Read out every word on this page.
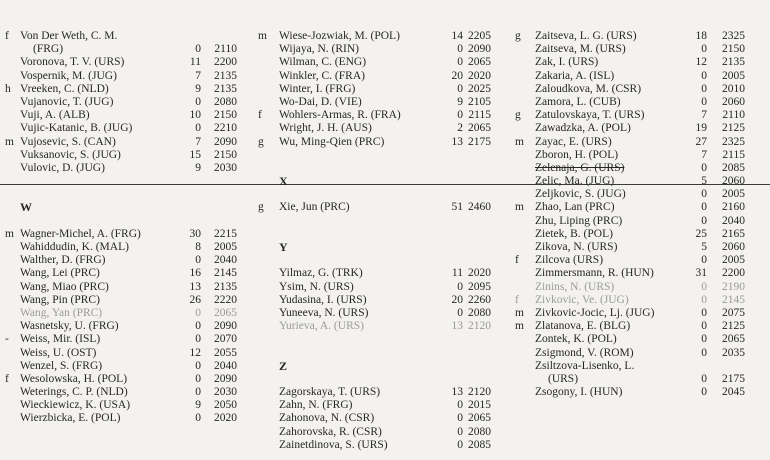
f Von Der Weth, C. M.
(FRG)	0	2110
Voronova, T. V. (URS)	11	2200
Vospernik, M. (JUG)	7	2135
h Vreeken, C. (NLD)	9	2135
Vujanovic, T. (JUG)	0	2080
Vuji, A. (ALB)	10	2150
Vujic-Katanic, B. (JUG)	0	2210
m Vujosevic, S. (CAN)	7	2090
Vuksanovic, S. (JUG)	15	2150
Vulovic, D. (JUG)	9	2030
W
m Wagner-Michel, A. (FRG)	30	2215
Wahiddudin, K. (MAL)	8	2005
Walther, D. (FRG)	0	2040
Wang, Lei (PRC)	16	2145
Wang, Miao (PRC)	13	2135
Wang, Pin (PRC)	26	2220
Wang, Yan (PRC)	0	2065
Wasnetsky, U. (FRG)	0	2090
- Weiss, Mir. (ISL)	0	2070
Weiss, U. (OST)	12	2055
Wenzel, S. (FRG)	0	2040
f Wesolowska, H. (POL)	0	2090
Weterings, C. P. (NLD)	0	2030
Wieckiewicz, K. (USA)	9	2050
Wierzbicka, E. (POL)	0	2020
m Wiese-Jozwiak, M. (POL)	14 2205
Wijaya, N. (RIN)	0 2090
Wilman, C. (ENG)	0 2065
Winkler, C. (FRA)	20 2020
Winter, I. (FRG)	0 2025
Wo-Dai, D. (VIE)	9 2105
f Wohlers-Armas, R. (FRA)	0 2115
Wright, J. H. (AUS)	2 2065
g Wu, Ming-Qien (PRC)	13 2175
X
g Xie, Jun (PRC)	51 2460
Y
Yilmaz, G. (TRK)	11 2020
Ysim, N. (URS)	0 2095
Yudasina, I. (URS)	20 2260
Yuneeva, N. (URS)	0 2080
Yurieva, A. (URS)	13 2120
Z
Zagorskaya, T. (URS)	13 2120
Zahn, N. (FRG)	0 2015
Zahonova, N. (CSR)	0 2065
Zahorovska, R. (CSR)	0 2080
Zainetdinova, S. (URS)	0 2085
g Zaitseva, L. G. (URS)	18	2325
Zaitseva, M. (URS)	0	2150
Zak, I. (URS)	12	2135
Zakaria, A. (ISL)	0	2005
Zaloudkova, M. (CSR)	0	2010
Zamora, L. (CUB)	0	2060
g Zatulovskaya, T. (URS)	7	2110
Zawadzka, A. (POL)	19	2125
m Zayac, E. (URS)	27	2325
Zboron, H. (POL)	7	2115
Zelenaja, G. (URS)	0	2085
Zelic, Ma. (JUG)	5	2060
Zeljkovic, S. (JUG)	0	2005
m Zhao, Lan (PRC)	0	2160
Zhu, Liping (PRC)	0	2040
Zietek, B. (POL)	25	2165
Zikova, N. (URS)	5	2060
f Zilcova (URS)	0	2005
Zimmersmann, R. (HUN)	31	2200
Zinins, N. (URS)	0	2190
f Zivkovic, Ve. (JUG)	0	2145
m Zivkovic-Jocic, Lj. (JUG)	0	2075
m Zlatanova, E. (BLG)	0	2125
Zontek, K. (POL)	0	2065
Zsigmond, V. (ROM)	0	2035
Zsiltzova-Lisenko, L.
(URS)	0	2175
Zsogony, I. (HUN)	0	2045
